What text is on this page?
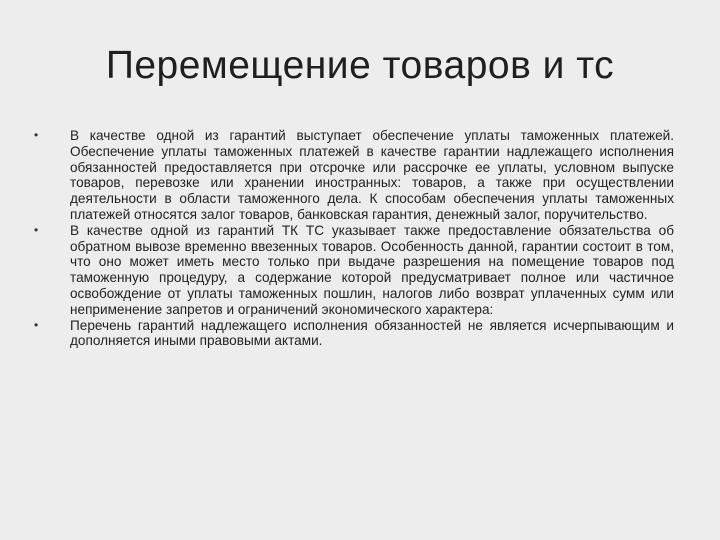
Перемещение товаров и тс
•	В качестве одной из гарантий выступает обеспечение уплаты таможенных платежей. Обеспечение уплаты таможенных платежей в качестве гарантии надлежащего исполнения обязанностей предоставляется при отсрочке или рассрочке ее уплаты, условном выпуске товаров, перевозке или хранении иностранных: товаров, а также при осуществлении деятельности в области таможенного дела. К способам обеспечения уплаты таможенных платежей относятся залог товаров, банковская гарантия, денежный залог, поручительство.
•	В качестве одной из гарантий ТК ТС указывает также предоставление обязательства об обратном вывозе временно ввезенных товаров. Особенность данной, гарантии состоит в том, что оно может иметь место только при выдаче разрешения на помещение товаров под таможенную процедуру, а содержание которой предусматривает полное или частичное освобождение от уплаты таможенных пошлин, налогов либо возврат уплаченных сумм или неприменение запретов и ограничений экономического характера:
•	Перечень гарантий надлежащего исполнения обязанностей не является исчерпывающим и дополняется иными правовыми актами.
